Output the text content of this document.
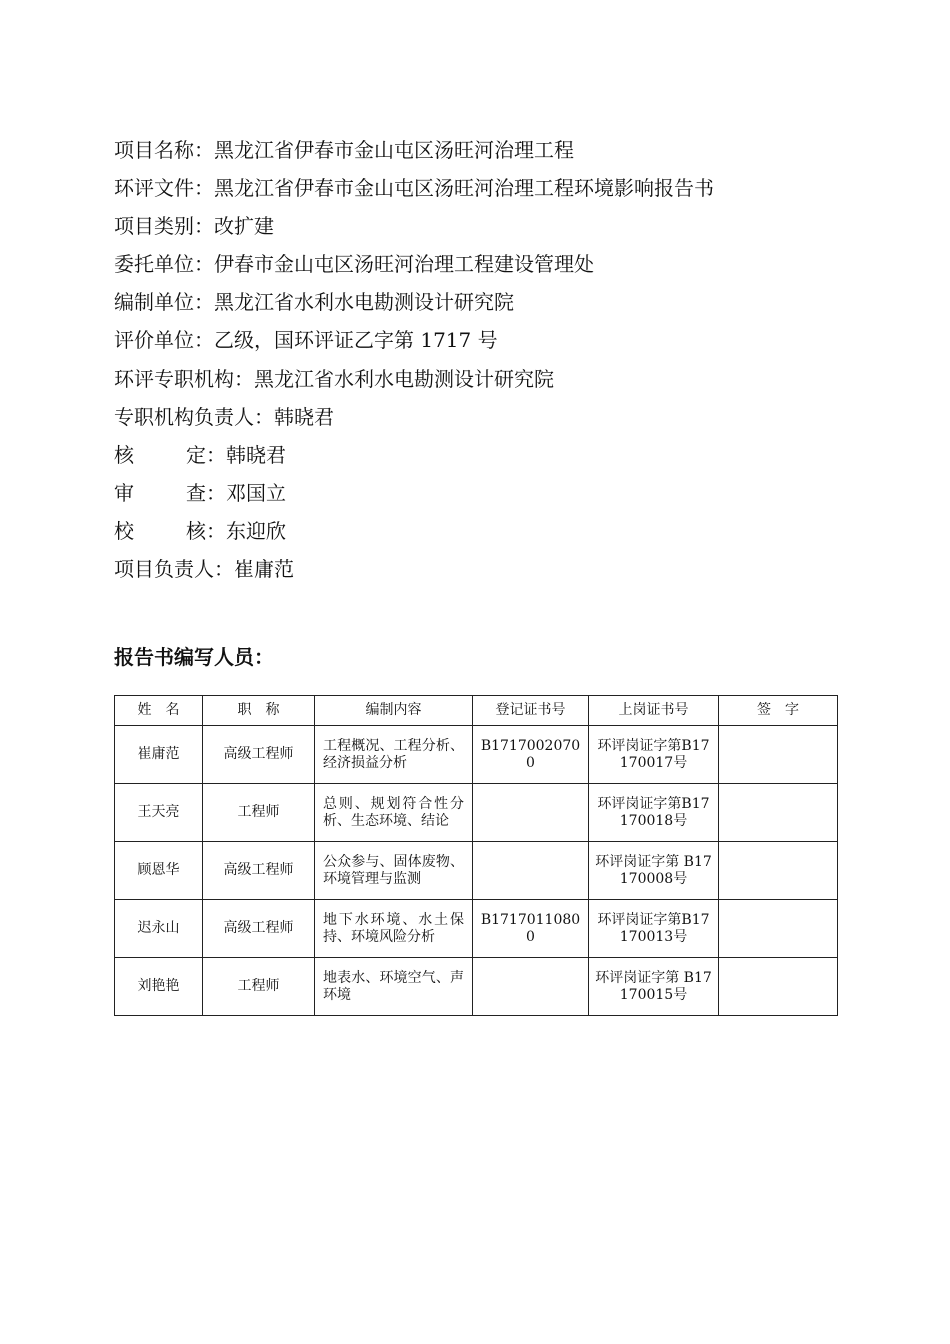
项目名称：黑龙江省伊春市金山屯区汤旺河治理工程
环评文件：黑龙江省伊春市金山屯区汤旺河治理工程环境影响报告书
项目类别：改扩建
委托单位：伊春市金山屯区汤旺河治理工程建设管理处
编制单位：黑龙江省水利水电勘测设计研究院
评价单位：乙级，国环评证乙字第 1717 号
环评专职机构：黑龙江省水利水电勘测设计研究院
专职机构负责人：韩晓君
核	定： 韩晓君
审	查： 邓国立
校	核： 东迎欣
项目负责人：崔庸范
报告书编写人员：
姓　名	职　称	编制内容	登记证书号	上岗证书号	签　字
崔庸范	高级工程师	工程概况、工程分析、经济损益分析	B17170020700	环评岗证字第B17170017号	
王天亮	工程师	总则、规划符合性分析、生态环境、结论		环评岗证字第B17170018号	
顾恩华	高级工程师	公众参与、固体废物、环境管理与监测		环评岗证字第 B17170008号	
迟永山	高级工程师	地下水环境、水土保持、环境风险分析	B17170110800	环评岗证字第B17170013号	
刘艳艳	工程师	地表水、环境空气、声环境		环评岗证字第 B17170015号	
